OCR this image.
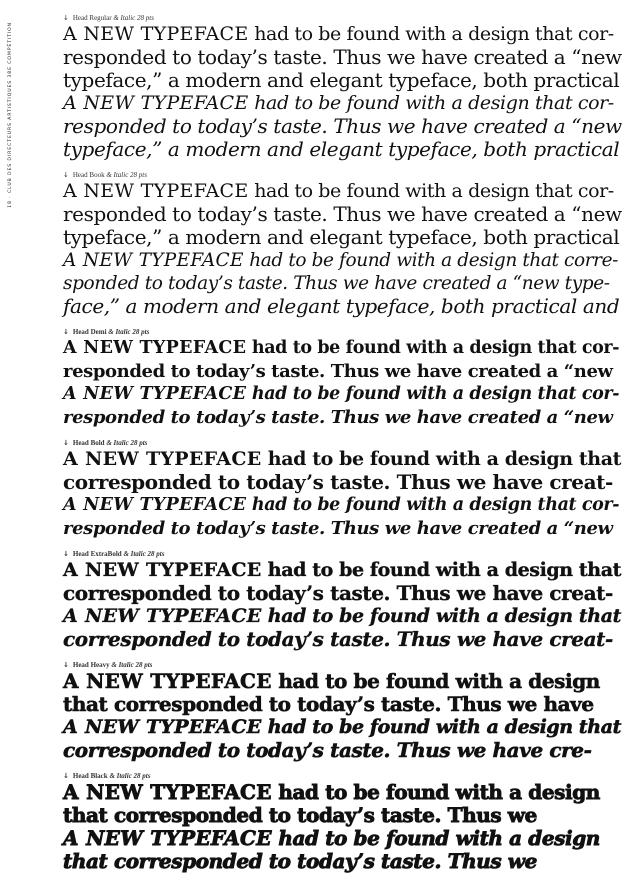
18 · CLUB DES DIRECTEURS ARTISTIQUES 38E COMPÉTITION
↓ Head Regular & Italic 28 pts
A NEW TYPEFACE had to be found with a design that cor-
responded to today’s taste. Thus we have created a “new
typeface,” a modern and elegant typeface, both practical
A NEW TYPEFACE had to be found with a design that cor-
responded to today’s taste. Thus we have created a “new
typeface,” a modern and elegant typeface, both practical
↓ Head Book & Italic 28 pts
A NEW TYPEFACE had to be found with a design that cor-
responded to today’s taste. Thus we have created a “new
typeface,” a modern and elegant typeface, both practical
A NEW TYPEFACE had to be found with a design that corre-
sponded to today’s taste. Thus we have created a “new type-
face,” a modern and elegant typeface, both practical and
↓ Head Demi & Italic 28 pts
A NEW TYPEFACE had to be found with a design that cor-
responded to today’s taste. Thus we have created a “new
A NEW TYPEFACE had to be found with a design that cor-
responded to today’s taste. Thus we have created a “new
↓ Head Bold & Italic 28 pts
A NEW TYPEFACE had to be found with a design that
corresponded to today’s taste. Thus we have creat-
A NEW TYPEFACE had to be found with a design that cor-
responded to today’s taste. Thus we have created a “new
↓ Head ExtraBold & Italic 28 pts
A NEW TYPEFACE had to be found with a design that
corresponded to today’s taste. Thus we have creat-
A NEW TYPEFACE had to be found with a design that
corresponded to today’s taste. Thus we have creat-
↓ Head Heavy & Italic 28 pts
A NEW TYPEFACE had to be found with a design
that corresponded to today’s taste. Thus we have
A NEW TYPEFACE had to be found with a design that
corresponded to today’s taste. Thus we have cre-
↓ Head Black & Italic 28 pts
A NEW TYPEFACE had to be found with a design
that corresponded to today’s taste. Thus we
A NEW TYPEFACE had to be found with a design
that corresponded to today’s taste. Thus we
